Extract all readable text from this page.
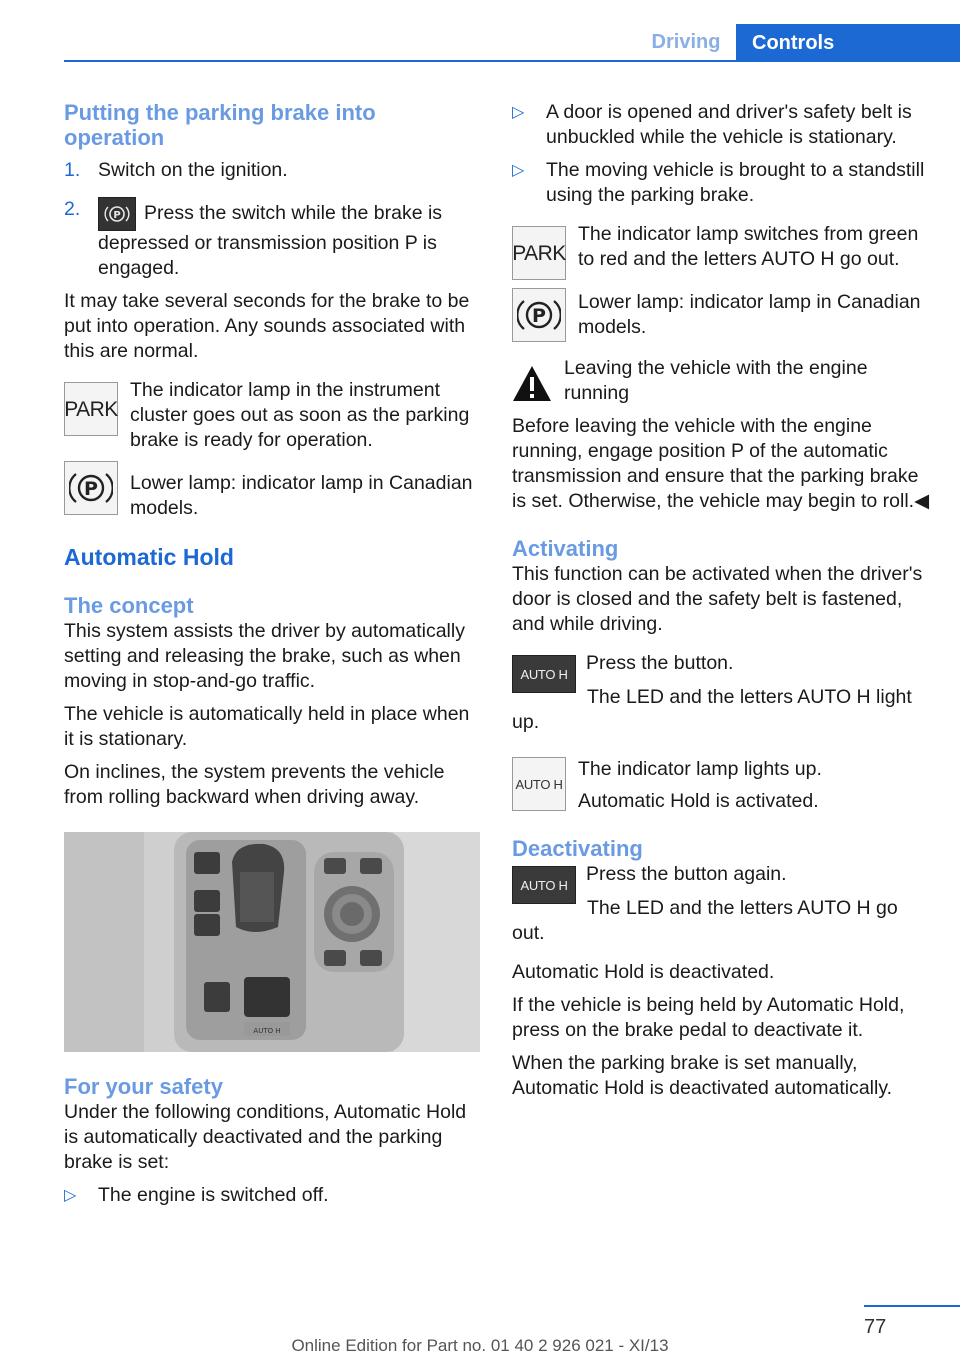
Driving	Controls
Putting the parking brake into operation
1. Switch on the ignition.
2.	P Press the switch while the brake is depressed or transmission position P is engaged.

It may take several seconds for the brake to be put into operation. Any sounds associated with this are normal.

PARK
The indicator lamp in the instrument cluster goes out as soon as the parking brake is ready for operation.
P Lower lamp: indicator lamp in Canadian models.
Automatic Hold
The concept

This system assists the driver by automatically setting and releasing the brake, such as when moving in stop-and-go traffic.

The vehicle is automatically held in place when it is stationary.

On inclines, the system prevents the vehicle from rolling backward when driving away.

AUTO H
For your safety

Under the following conditions, Automatic Hold is automatically deactivated and the parking brake is set:

▷	The engine is switched off.
▷	A door is opened and driver's safety belt is unbuckled while the vehicle is stationary.
▷	The moving vehicle is brought to a standstill using the parking brake.
PARK
The indicator lamp switches from green to red and the letters AUTO H go out.
P
Lower lamp: indicator lamp in Canadian models.
Leaving the vehicle with the engine running

Before leaving the vehicle with the engine running, engage position P of the automatic transmission and ensure that the parking brake is set. Otherwise, the vehicle may begin to roll.◀

Activating

This function can be activated when the driver's door is closed and the safety belt is fastened, and while driving.

AUTO H Press the button.

The LED and the letters AUTO H light up.

AUTO H

The indicator lamp lights up.

Automatic Hold is activated.

Deactivating
AUTO H Press the button again.

The LED and the letters AUTO H go out.

Automatic Hold is deactivated.

If the vehicle is being held by Automatic Hold, press on the brake pedal to deactivate it.

When the parking brake is set manually, Automatic Hold is deactivated automatically.

77
Online Edition for Part no. 01 40 2 926 021 - XI/13
